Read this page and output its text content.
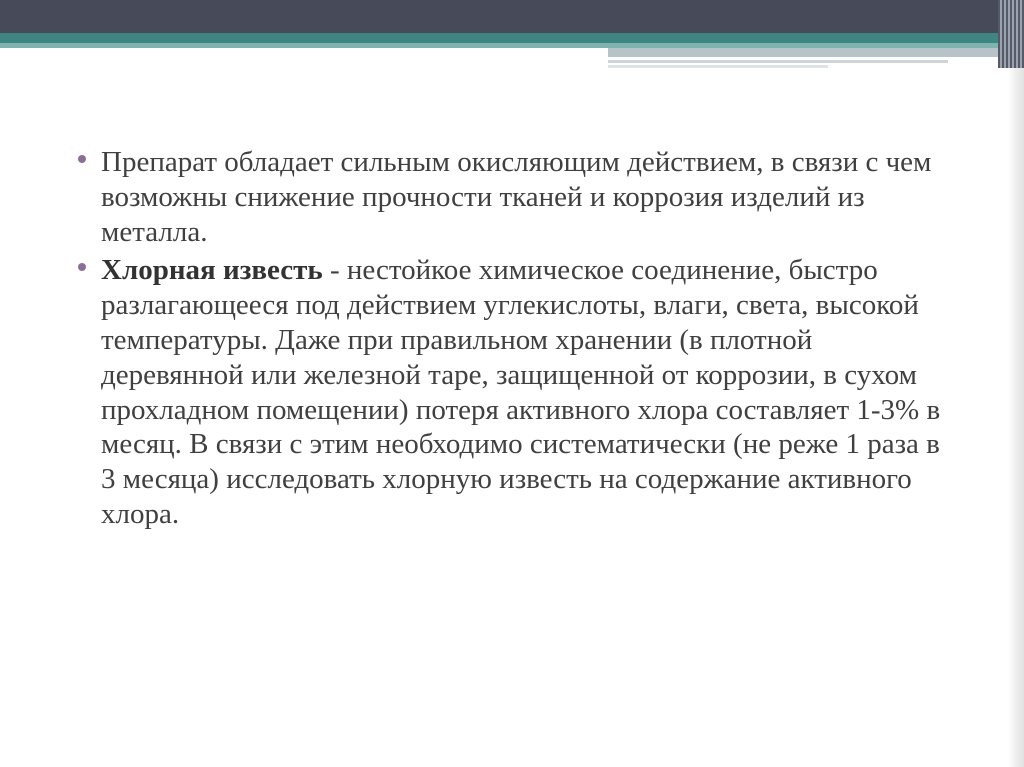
Препарат обладает сильным окисляющим действием, в связи с чем возможны снижение прочности тканей и коррозия изделий из металла.
Хлорная известь - нестойкое химическое соединение, быстро разлагающееся под действием углекислоты, влаги, света, высокой температуры. Даже при правильном хранении (в плотной деревянной или железной таре, защищенной от коррозии, в сухом прохладном помещении) потеря активного хлора составляет 1-3% в месяц. В связи с этим необходимо систематически (не реже 1 раза в 3 месяца) исследовать хлорную известь на содержание активного хлора.
